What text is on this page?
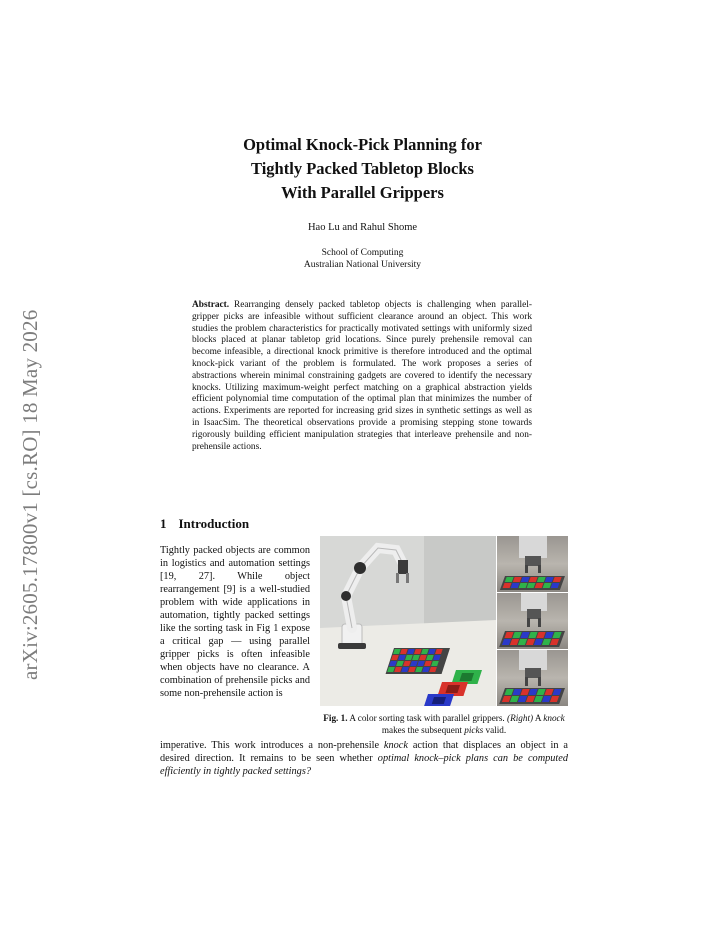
arXiv:2605.17800v1 [cs.RO] 18 May 2026
Optimal Knock-Pick Planning for
Tightly Packed Tabletop Blocks
With Parallel Grippers
Hao Lu and Rahul Shome
School of Computing
Australian National University
Abstract. Rearranging densely packed tabletop objects is challenging when parallel-gripper picks are infeasible without sufficient clearance around an object. This work studies the problem characteristics for practically motivated settings with uniformly sized blocks placed at planar tabletop grid locations. Since purely prehensile removal can become infeasible, a directional knock primitive is therefore introduced and the optimal knock-pick variant of the problem is formulated. The work proposes a series of abstractions wherein minimal constraining gadgets are covered to identify the necessary knocks. Utilizing maximum-weight perfect matching on a graphical abstraction yields efficient polynomial time computation of the optimal plan that minimizes the number of actions. Experiments are reported for increasing grid sizes in synthetic settings as well as in IsaacSim. The theoretical observations provide a promising stepping stone towards rigorously building efficient manipulation strategies that interleave prehensile and non-prehensile actions.
1 Introduction
Tightly packed objects are common in logistics and automation settings [19, 27]. While object rearrangement [9] is a well-studied problem with wide applications in automation, tightly packed settings like the sorting task in Fig 1 expose a critical gap — using parallel gripper picks is often infeasible when objects have no clearance. A combination of prehensile picks and some non-prehensile action is
imperative. This work introduces a non-prehensile knock action that displaces an object in a desired direction. It remains to be seen whether optimal knock–pick plans can be computed efficiently in tightly packed settings?
Fig. 1. A color sorting task with parallel grippers. (Right) A knock makes the subsequent picks valid.
